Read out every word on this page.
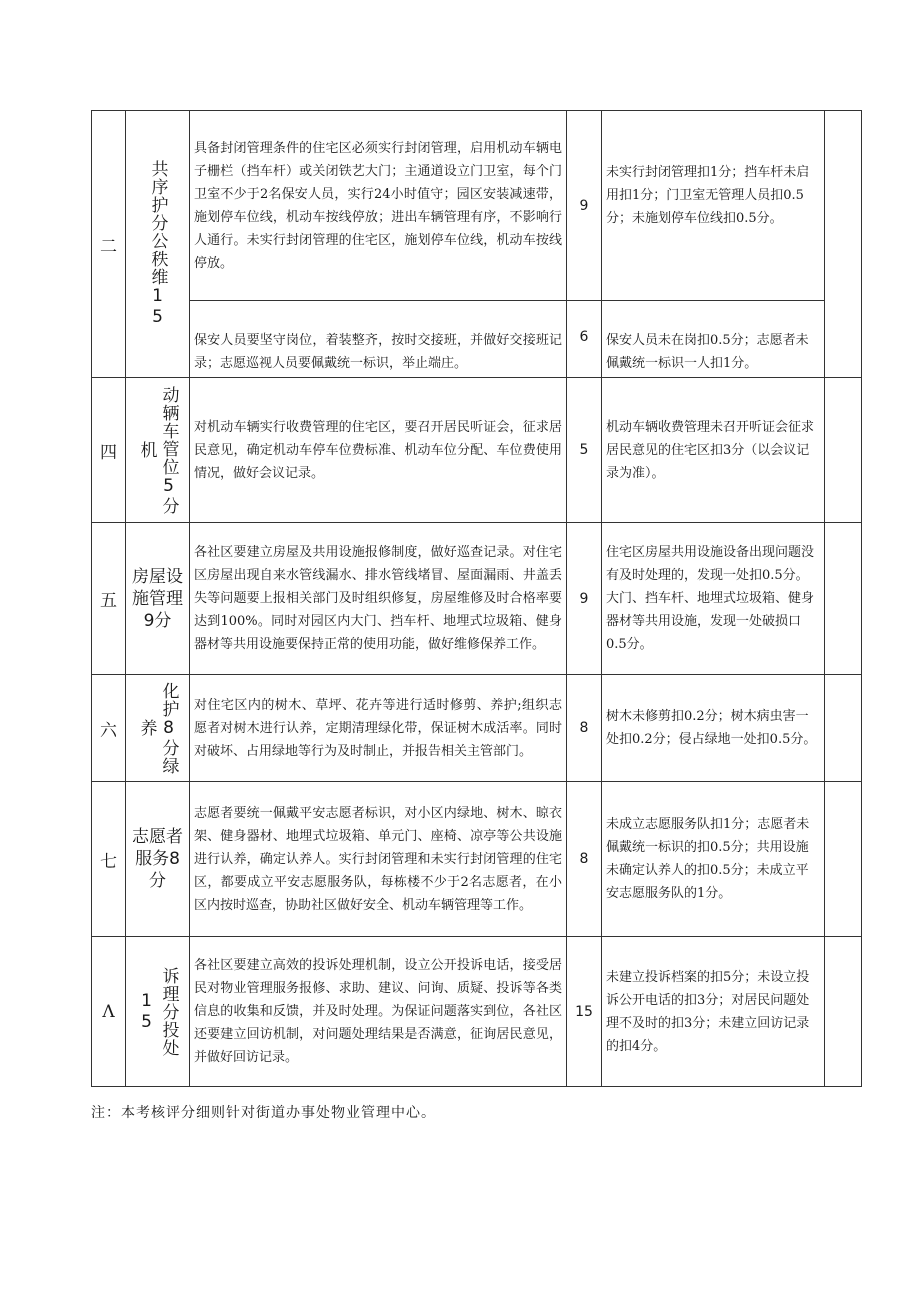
二	共序护分公秩维15	具备封闭管理条件的住宅区必须实行封闭管理，启用机动车辆电子栅栏（挡车杆）或关闭铁艺大门；主通道设立门卫室，每个门卫室不少于2名保安人员，实行24小时值守；园区安装减速带，施划停车位线，机动车按线停放；进出车辆管理有序，不影响行人通行。未实行封闭管理的住宅区，施划停车位线，机动车按线停放。	9	未实行封闭管理扣1分；挡车杆未启用扣1分；门卫室无管理人员扣0.5分；未施划停车位线扣0.5分。	
		保安人员要坚守岗位，着装整齐，按时交接班，并做好交接班记录；志愿巡视人员要佩戴统一标识，举止端庄。	6	保安人员未在岗扣0.5分；志愿者未佩戴统一标识一人扣1分。	
四	动辆车管位5分机	对机动车辆实行收费管理的住宅区，要召开居民听证会，征求居民意见，确定机动车停车位费标准、机动车位分配、车位费使用情况，做好会议记录。	5	机动车辆收费管理未召开听证会征求居民意见的住宅区扣3分（以会议记录为准）。	
五	房屋设施管理9分	各社区要建立房屋及共用设施报修制度，做好巡查记录。对住宅区房屋出现自来水管线漏水、排水管线堵冒、屋面漏雨、井盖丢失等问题要上报相关部门及时组织修复，房屋维修及时合格率要达到100%。同时对园区内大门、挡车杆、地埋式垃圾箱、健身器材等共用设施要保持正常的使用功能，做好维修保养工作。	9	住宅区房屋共用设施设备出现问题没有及时处理的，发现一处扣0.5分。大门、挡车杆、地埋式垃圾箱、健身器材等共用设施，发现一处破损口0.5分。	
六	化护8分绿养	对住宅区内的树木、草坪、花卉等进行适时修剪、养护;组织志愿者对树木进行认养，定期清理绿化带，保证树木成活率。同时对破坏、占用绿地等行为及时制止，并报告相关主管部门。	8	树木未修剪扣0.2分；树木病虫害一处扣0.2分；侵占绿地一处扣0.5分。	
七	志愿者服务8分	志愿者要统一佩戴平安志愿者标识，对小区内绿地、树木、晾衣架、健身器材、地埋式垃圾箱、单元门、座椅、凉亭等公共设施进行认养，确定认养人。实行封闭管理和未实行封闭管理的住宅区，都要成立平安志愿服务队，每栋楼不少于2名志愿者，在小区内按时巡查，协助社区做好安全、机动车辆管理等工作。	8	未成立志愿服务队扣1分；志愿者未佩戴统一标识的扣0.5分；共用设施未确定认养人的扣0.5分；未成立平安志愿服务队的1分。	
Λ	诉理分投处15	各社区要建立高效的投诉处理机制，设立公开投诉电话，接受居民对物业管理服务报修、求助、建议、问询、质疑、投诉等各类信息的收集和反馈，并及时处理。为保证问题落实到位，各社区还要建立回访机制，对问题处理结果是否满意，征询居民意见，并做好回访记录。	15	未建立投诉档案的扣5分；未设立投诉公开电话的扣3分；对居民问题处理不及时的扣3分；未建立回访记录的扣4分。	
注：本考核评分细则针对街道办事处物业管理中心。
